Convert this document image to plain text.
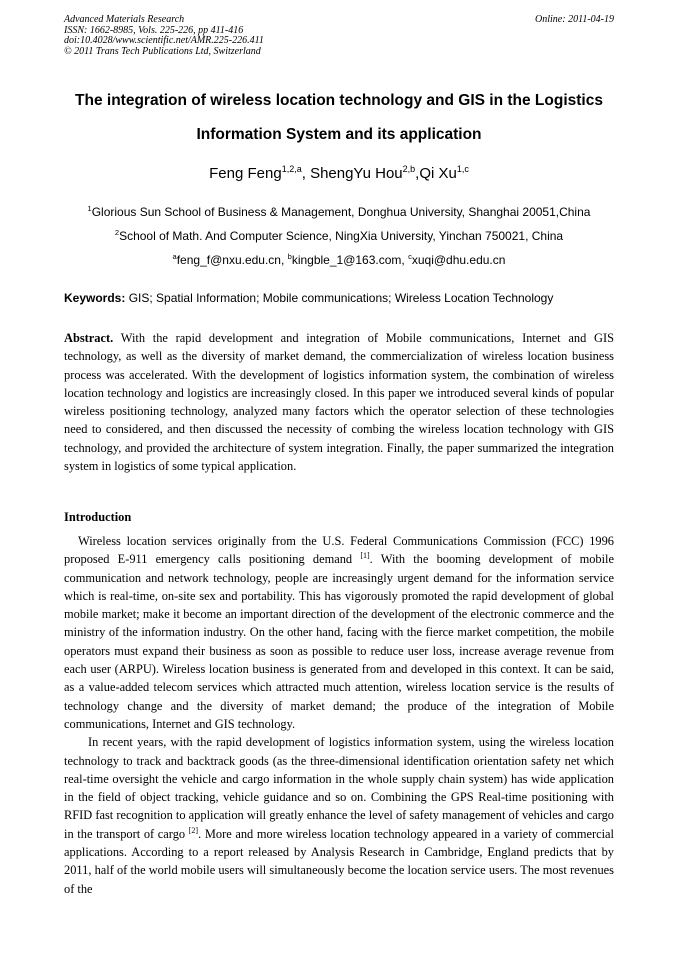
Advanced Materials Research
ISSN: 1662-8985, Vols. 225-226, pp 411-416
doi:10.4028/www.scientific.net/AMR.225-226.411
© 2011 Trans Tech Publications Ltd, Switzerland
Online: 2011-04-19
The integration of wireless location technology and GIS in the Logistics
Information System and its application
Feng Feng$^{1,2,a}$, ShengYu Hou$^{2,b}$,Qi Xu$^{1,c}$
$^1$Glorious Sun School of Business & Management, Donghua University, Shanghai 20051,China
$^2$School of Math. And Computer Science, NingXia University, Yinchan 750021, China
$^a$feng_f@nxu.edu.cn, $^b$kingble_1@163.com, $^c$xuqi@dhu.edu.cn
Keywords: GIS; Spatial Information; Mobile communications; Wireless Location Technology
Abstract. With the rapid development and integration of Mobile communications, Internet and GIS technology, as well as the diversity of market demand, the commercialization of wireless location business process was accelerated. With the development of logistics information system, the combination of wireless location technology and logistics are increasingly closed. In this paper we introduced several kinds of popular wireless positioning technology, analyzed many factors which the operator selection of these technologies need to considered, and then discussed the necessity of combing the wireless location technology with GIS technology, and provided the architecture of system integration. Finally, the paper summarized the integration system in logistics of some typical application.
Introduction

Wireless location services originally from the U.S. Federal Communications Commission (FCC) 1996 proposed E-911 emergency calls positioning demand [1]. With the booming development of mobile communication and network technology, people are increasingly urgent demand for the information service which is real-time, on-site sex and portability. This has vigorously promoted the rapid development of global mobile market; make it become an important direction of the development of the electronic commerce and the ministry of the information industry. On the other hand, facing with the fierce market competition, the mobile operators must expand their business as soon as possible to reduce user loss, increase average revenue from each user (ARPU). Wireless location business is generated from and developed in this context. It can be said, as a value-added telecom services which attracted much attention, wireless location service is the results of technology change and the diversity of market demand; the produce of the integration of Mobile communications, Internet and GIS technology.

In recent years, with the rapid development of logistics information system, using the wireless location technology to track and backtrack goods (as the three-dimensional identification orientation safety net which real-time oversight the vehicle and cargo information in the whole supply chain system) has wide application in the field of object tracking, vehicle guidance and so on. Combining the GPS Real-time positioning with RFID fast recognition to application will greatly enhance the level of safety management of vehicles and cargo in the transport of cargo [2]. More and more wireless location technology appeared in a variety of commercial applications. According to a report released by Analysis Research in Cambridge, England predicts that by 2011, half of the world mobile users will simultaneously become the location service users. The most revenues of the
